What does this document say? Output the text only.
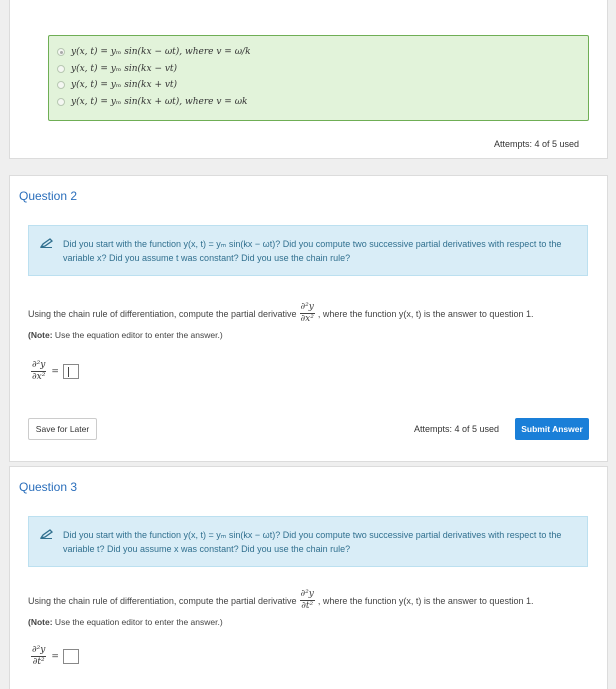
y(x, t) = yₘ sin(kx − ωt), where v = ω/k
y(x, t) = yₘ sin(kx − vt)
y(x, t) = yₘ sin(kx + vt)
y(x, t) = yₘ sin(kx + ωt), where v = ωk
Attempts: 4 of 5 used
Question 2
Did you start with the function y(x, t) = yₘ sin(kx − ωt)? Did you compute two successive partial derivatives with respect to the variable x? Did you assume t was constant? Did you use the chain rule?
Using the chain rule of differentiation, compute the partial derivative $\frac{\text{∂²y}}{\text{∂x²}}$ , where the function y(x, t) is the answer to question 1.
(Note: Use the equation editor to enter the answer.)
$\frac{\text{∂²y}}{\text{∂x²}}$ =
Save for Later	Attempts: 4 of 5 used	Submit Answer
Question 3
Did you start with the function y(x, t) = yₘ sin(kx − ωt)? Did you compute two successive partial derivatives with respect to the variable t? Did you assume x was constant? Did you use the chain rule?
Using the chain rule of differentiation, compute the partial derivative $\frac{\text{∂²y}}{\text{∂t²}}$ , where the function y(x, t) is the answer to question 1.
(Note: Use the equation editor to enter the answer.)
$\frac{\text{∂²y}}{\text{∂t²}}$ =
